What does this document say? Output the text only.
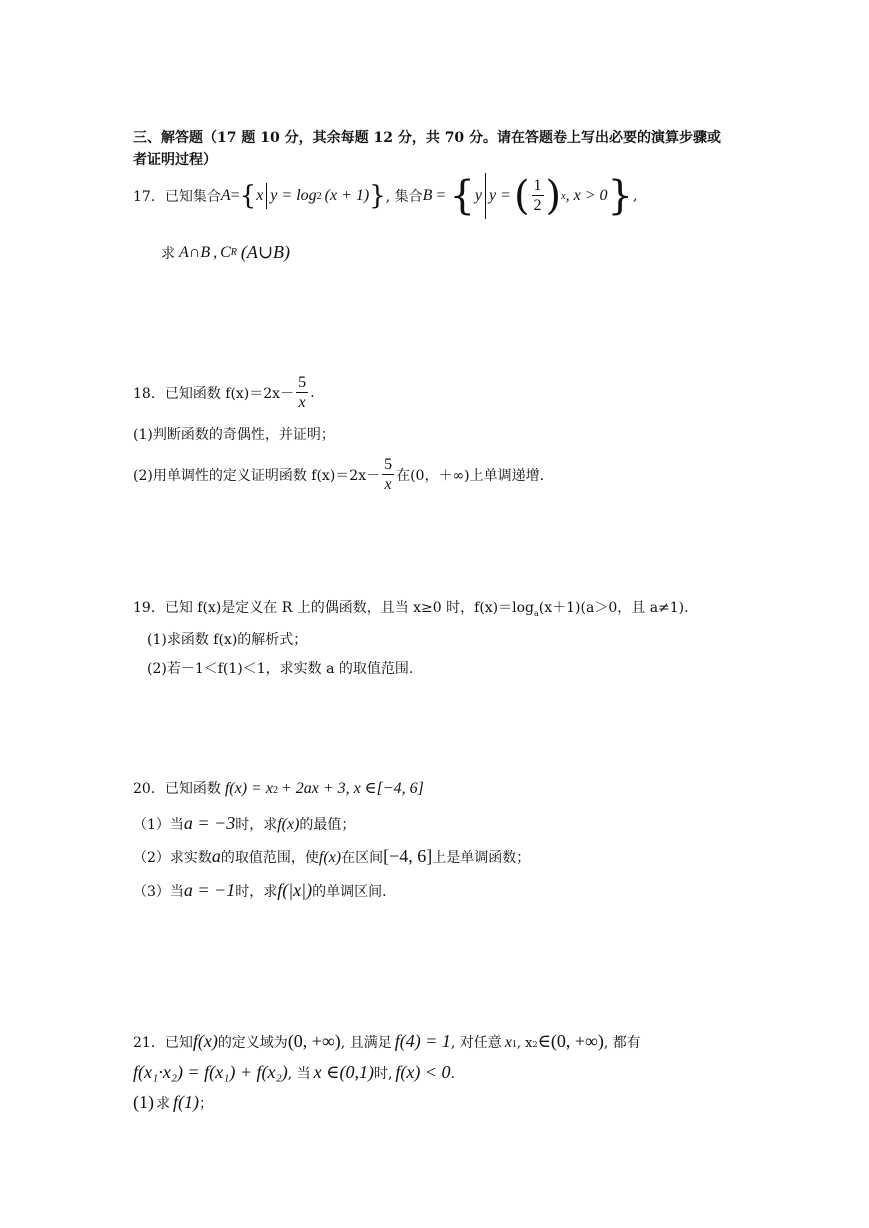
三、解答题（17 题 10 分，其余每题 12 分，共 70 分。请在答题卷上写出必要的演算步骤或
者证明过程）
17．已知集合 A = { x y = log 2 (x + 1) } , 集合 B = { y y = ( $\frac{1}{2}$ ) x , x > 0 } ,
求 A∩B , C R (A∪B)
18．已知函数 $f(x)=2x- \frac{5}{x}$ .
(1)判断函数的奇偶性，并证明；
(2)用单调性的定义证明函数 $f(x)=2x- \frac{5}{x}$ 在(0，＋∞)上单调递增.
19．已知 f(x)是定义在 R 上的偶函数，且当 x≥0 时，$f(x)=\log_a(x+1)(a>0$，且 a≠1).
(1)求函数 f(x)的解析式；
(2)若－1＜f(1)＜1，求实数 a 的取值范围.
20．已知函数 f(x) = x 2 + 2ax + 3, x ∈[−4, 6]
（1）当 a = −3 时，求 f(x) 的最值；
（2）求实数 a 的取值范围，使 f(x) 在区间 [−4, 6] 上是单调函数；
（3）当 a = −1 时，求 f(|x|) 的单调区间.
21．已知 f(x) 的定义域为 (0, +∞) , 且满足 f(4) = 1 , 对任意 x 1 , x 2 ∈(0, +∞) , 都有
f(x₁·x₂) = f(x₁) + f(x₂) , 当 x ∈(0,1) 时, f(x) < 0 .
(1) 求 f(1) ；
